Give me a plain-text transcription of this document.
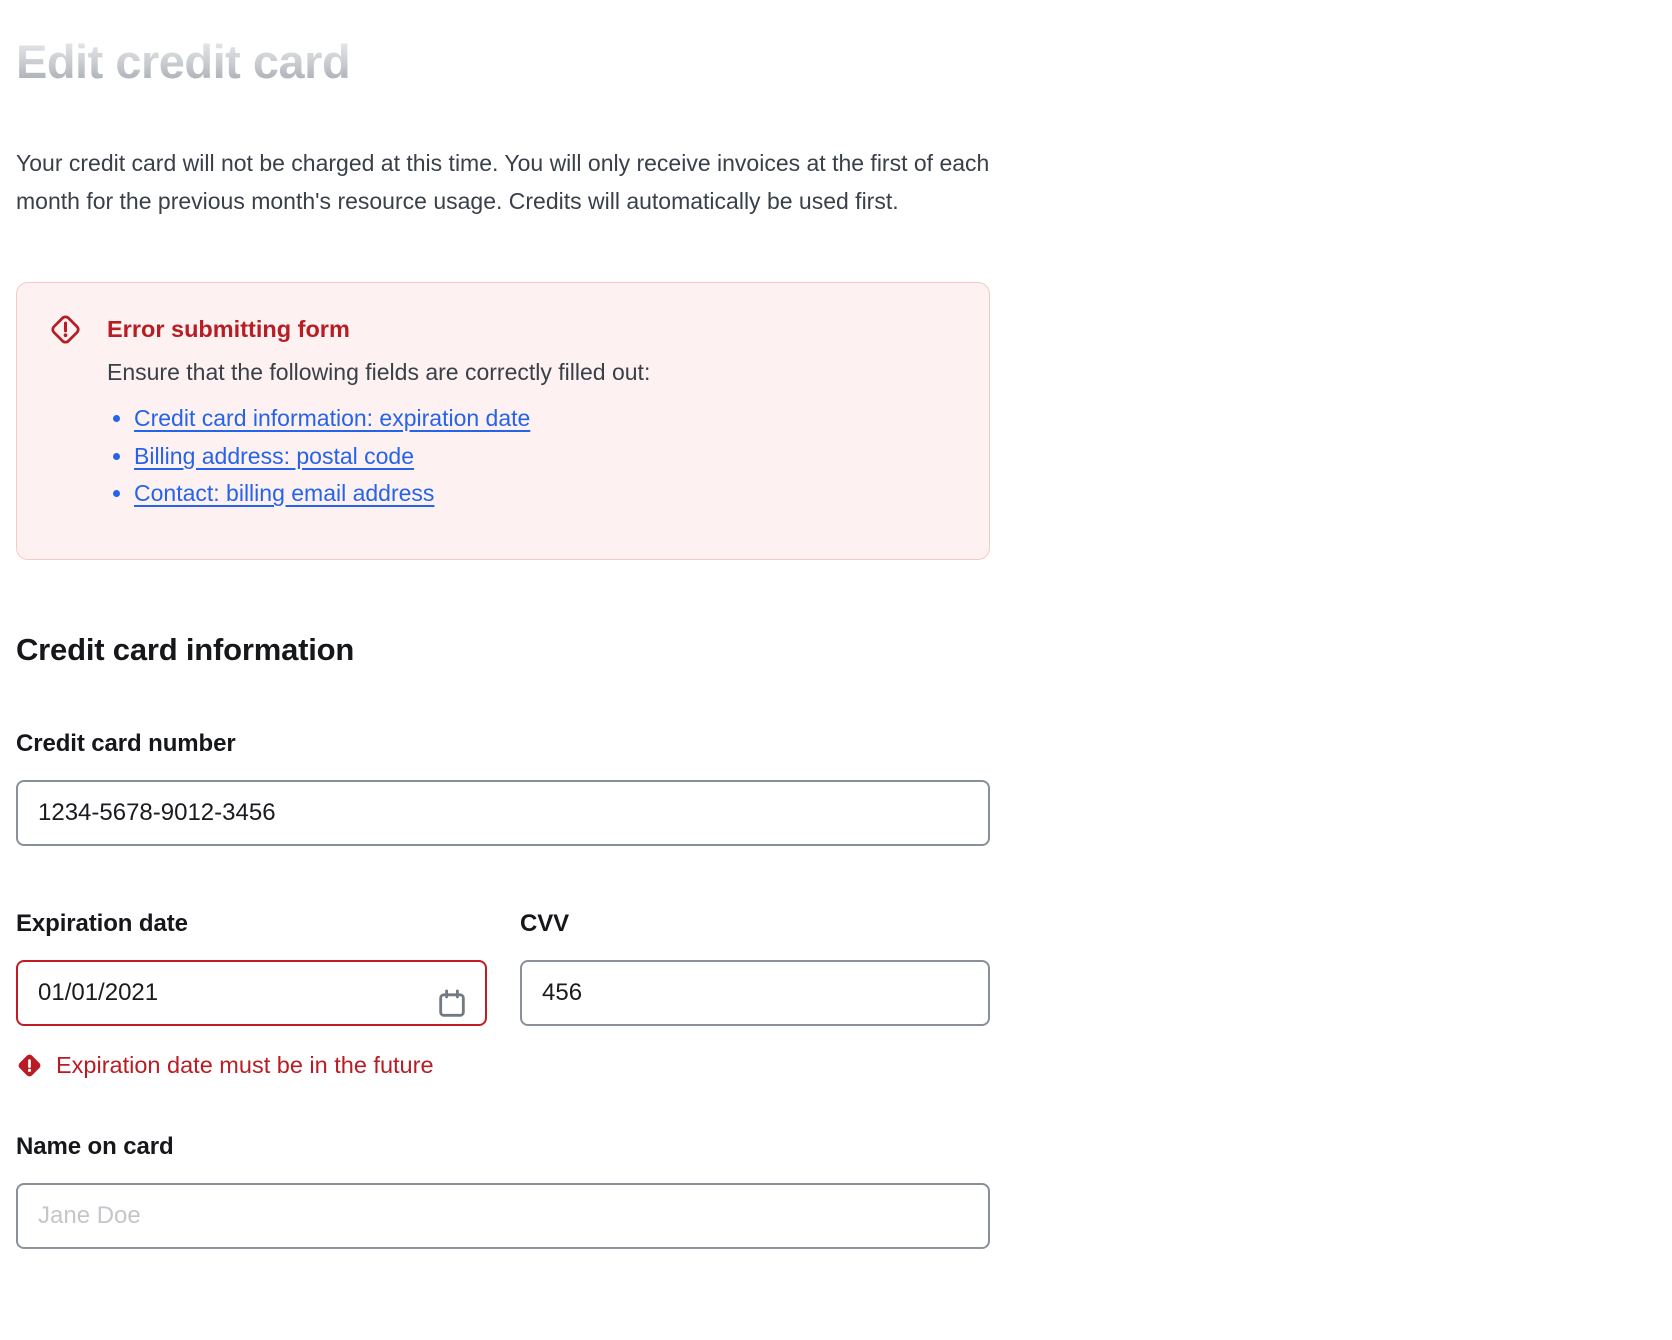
Edit credit card

Your credit card will not be charged at this time. You will only receive invoices at the first of each month for the previous month's resource usage. Credits will automatically be used first.

Error submitting form
Ensure that the following fields are correctly filled out:
• Credit card information: expiration date
• Billing address: postal code
• Contact: billing email address
Credit card information
Credit card number
1234-5678-9012-3456
Expiration date
01/01/2021
Expiration date must be in the future
CVV
456
Name on card
Jane Doe
